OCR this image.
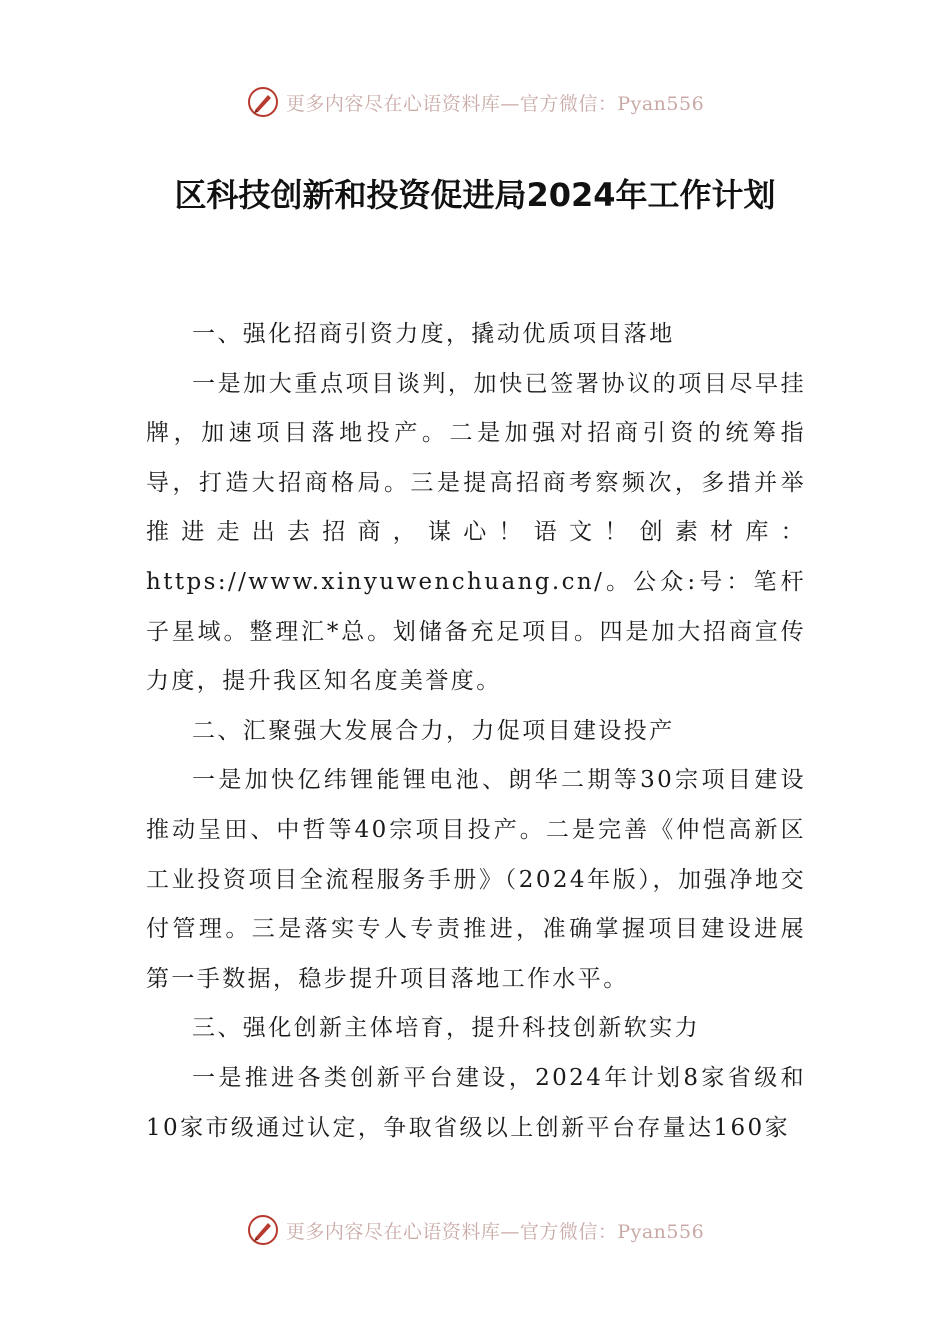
更多内容尽在心语资料库—官方微信：Pyan556
区科技创新和投资促进局2024年工作计划

一、强化招商引资力度，撬动优质项目落地

一是加大重点项目谈判，加快已签署协议的项目尽早挂牌，加速项目落地投产。二是加强对招商引资的统筹指导，打造大招商格局。三是提高招商考察频次，多措并举推进走出去招商，谋心！语文！创素材库：https://www.xinyuwenchuang.cn/。公众:号：笔杆子星域。整理汇*总。划储备充足项目。四是加大招商宣传力度，提升我区知名度美誉度。

二、汇聚强大发展合力，力促项目建设投产

一是加快亿纬锂能锂电池、朗华二期等30宗项目建设推动呈田、中哲等40宗项目投产。二是完善《仲恺高新区工业投资项目全流程服务手册》（2024年版），加强净地交付管理。三是落实专人专责推进，准确掌握项目建设进展第一手数据，稳步提升项目落地工作水平。

三、强化创新主体培育，提升科技创新软实力

一是推进各类创新平台建设，2024年计划8家省级和10家市级通过认定，争取省级以上创新平台存量达160家

更多内容尽在心语资料库—官方微信：Pyan556
